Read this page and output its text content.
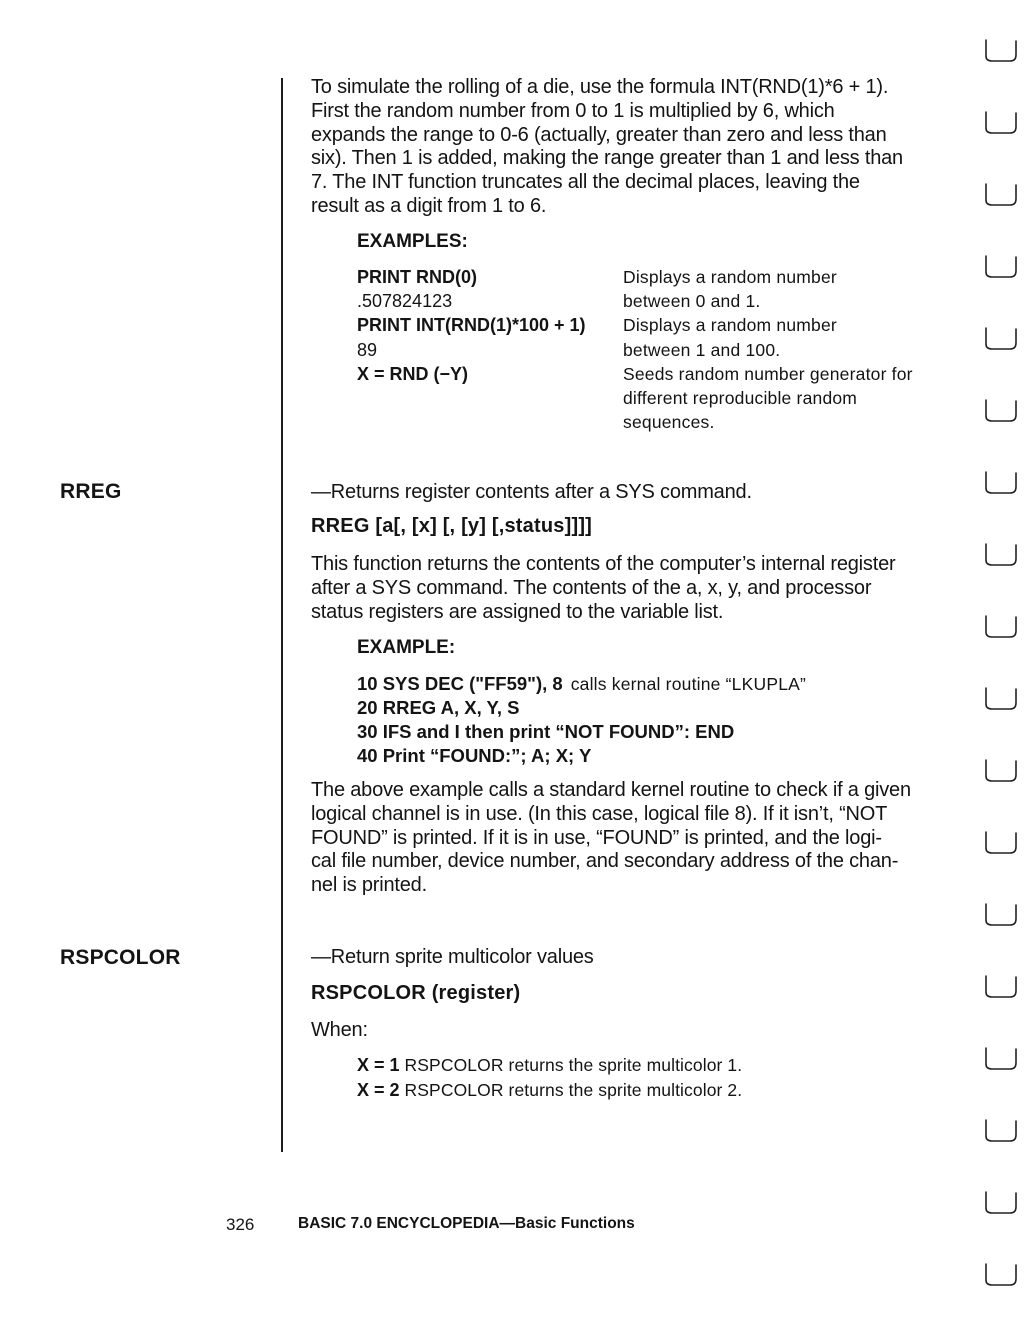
To simulate the rolling of a die, use the formula INT(RND(1)*6 + 1).
First the random number from 0 to 1 is multiplied by 6, which
expands the range to 0-6 (actually, greater than zero and less than
six). Then 1 is added, making the range greater than 1 and less than
7. The INT function truncates all the decimal places, leaving the
result as a digit from 1 to 6.
EXAMPLES:
PRINT RND(0)	Displays a random number
.507824123	between 0 and 1.
PRINT INT(RND(1)*100 + 1)	Displays a random number
89	between 1 and 100.
X = RND (−Y)	Seeds random number generator for
different reproducible random
sequences.
RREG	—Returns register contents after a SYS command.
RREG [a[, [x] [, [y] [,status]]]]
This function returns the contents of the computer’s internal register
after a SYS command. The contents of the a, x, y, and processor
status registers are assigned to the variable list.
EXAMPLE:
10 SYS DEC ("FF59"), 8 calls kernal routine “LKUPLA”
20 RREG A, X, Y, S
30 IFS and I then print “NOT FOUND”: END
40 Print “FOUND:”; A; X; Y
The above example calls a standard kernel routine to check if a given
logical channel is in use. (In this case, logical file 8). If it isn’t, “NOT
FOUND” is printed. If it is in use, “FOUND” is printed, and the logi-
cal file number, device number, and secondary address of the chan-
nel is printed.
RSPCOLOR	—Return sprite multicolor values
RSPCOLOR (register)
When:
X = 1 RSPCOLOR returns the sprite multicolor 1.
X = 2 RSPCOLOR returns the sprite multicolor 2.
326	BASIC 7.0 ENCYCLOPEDIA—Basic Functions
